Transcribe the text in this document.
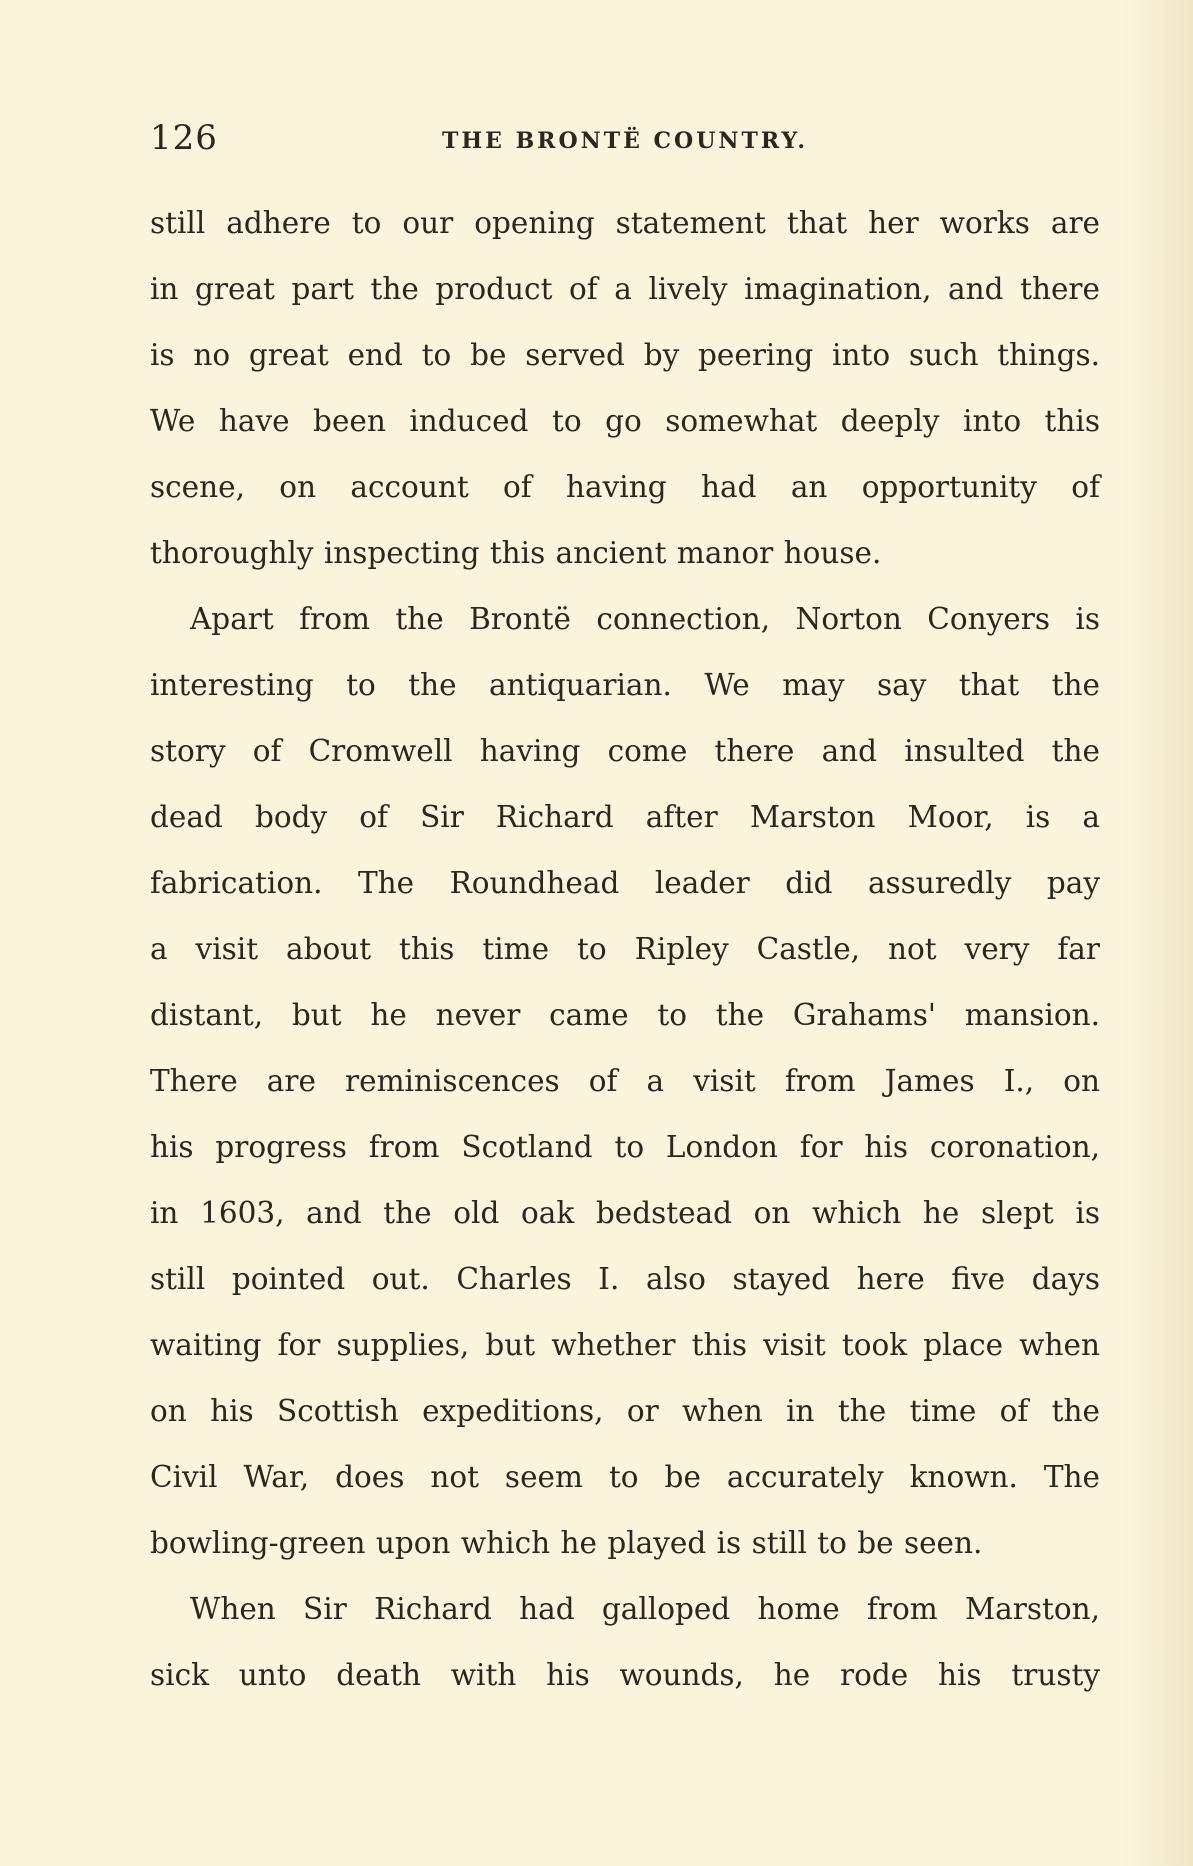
126	THE BRONTË COUNTRY.
still adhere to our opening statement that her works are
in great part the product of a lively imagination, and there
is no great end to be served by peering into such things.
We have been induced to go somewhat deeply into this
scene, on account of having had an opportunity of
thoroughly inspecting this ancient manor house.
Apart from the Brontë connection, Norton Conyers is
interesting to the antiquarian. We may say that the
story of Cromwell having come there and insulted the
dead body of Sir Richard after Marston Moor, is a
fabrication. The Roundhead leader did assuredly pay
a visit about this time to Ripley Castle, not very far
distant, but he never came to the Grahams' mansion.
There are reminiscences of a visit from James I., on
his progress from Scotland to London for his coronation,
in 1603, and the old oak bedstead on which he slept is
still pointed out. Charles I. also stayed here five days
waiting for supplies, but whether this visit took place when
on his Scottish expeditions, or when in the time of the
Civil War, does not seem to be accurately known. The
bowling-green upon which he played is still to be seen.
When Sir Richard had galloped home from Marston,
sick unto death with his wounds, he rode his trusty
